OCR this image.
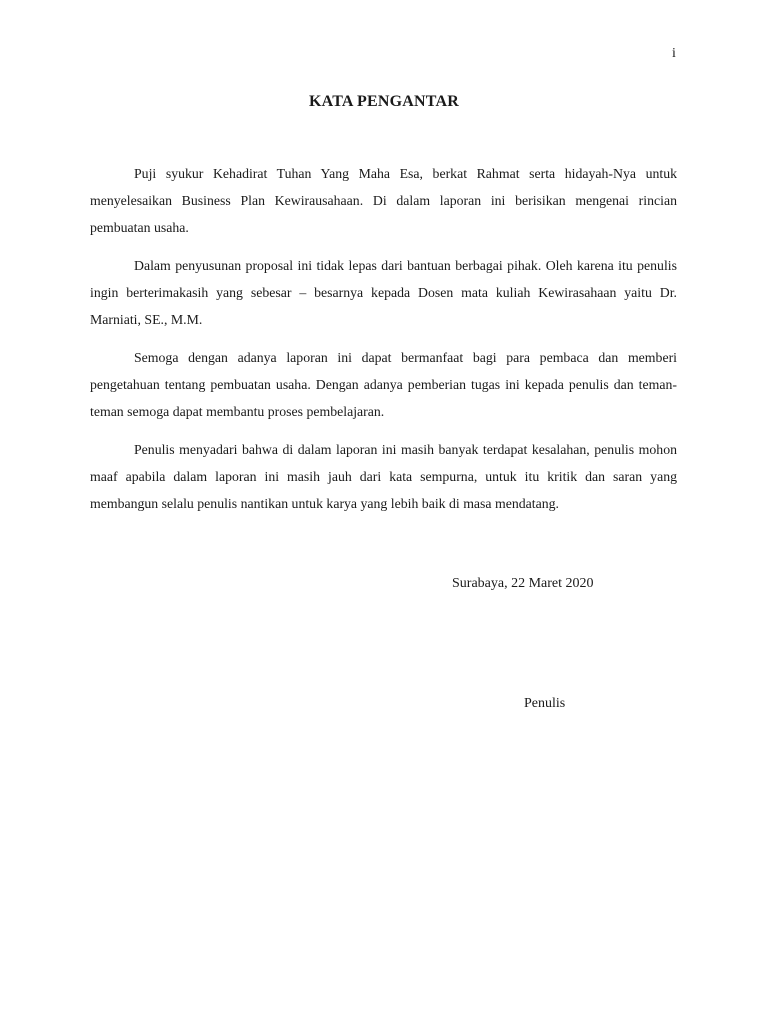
i
KATA PENGANTAR

Puji syukur Kehadirat Tuhan Yang Maha Esa, berkat Rahmat serta hidayah-Nya untuk menyelesaikan Business Plan Kewirausahaan. Di dalam laporan ini berisikan mengenai rincian pembuatan usaha.

Dalam penyusunan proposal ini tidak lepas dari bantuan berbagai pihak. Oleh karena itu penulis ingin berterimakasih yang sebesar – besarnya kepada Dosen mata kuliah Kewirasahaan yaitu Dr. Marniati, SE., M.M.

Semoga dengan adanya laporan ini dapat bermanfaat bagi para pembaca dan memberi pengetahuan tentang pembuatan usaha. Dengan adanya pemberian tugas ini kepada penulis dan teman-teman semoga dapat membantu proses pembelajaran.

Penulis menyadari bahwa di dalam laporan ini masih banyak terdapat kesalahan, penulis mohon maaf apabila dalam laporan ini masih jauh dari kata sempurna, untuk itu kritik dan saran yang membangun selalu penulis nantikan untuk karya yang lebih baik di masa mendatang.

Surabaya, 22 Maret 2020
Penulis
